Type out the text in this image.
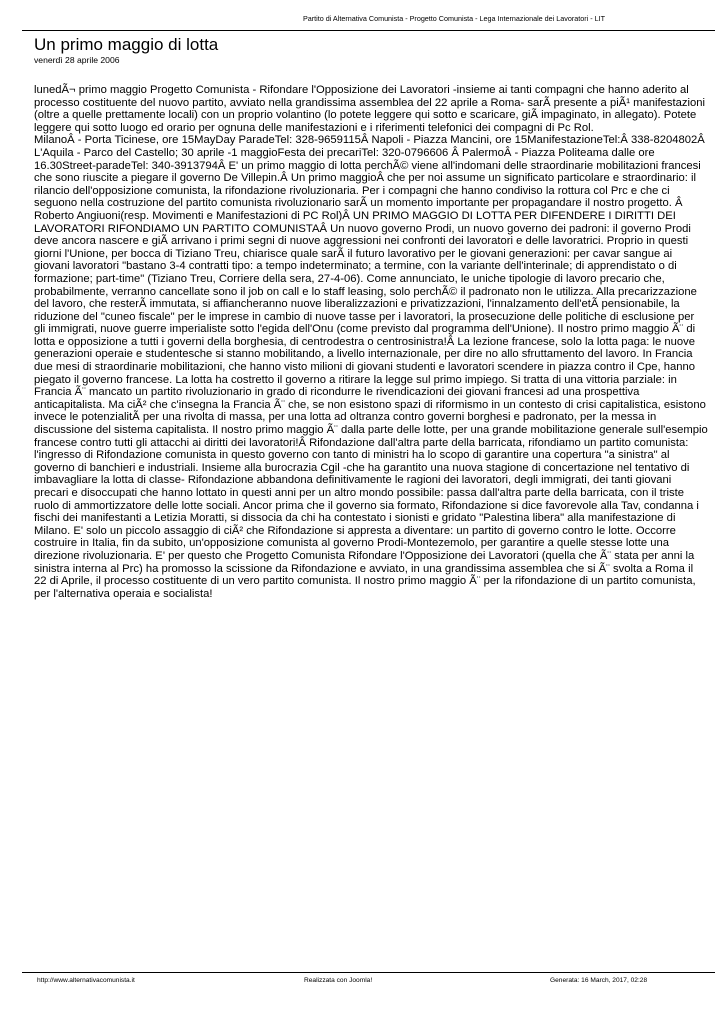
Partito di Alternativa Comunista - Progetto Comunista - Lega Internazionale dei Lavoratori - LIT
Un primo maggio di lotta
venerdì 28 aprile 2006

lunedÃ¬ primo maggio Progetto Comunista - Rifondare l'Opposizione dei Lavoratori -insieme ai tanti compagni che hanno aderito al processo costituente del nuovo partito, avviato nella grandissima assemblea del 22 aprile a Roma- sarÃ presente a piÃ¹ manifestazioni (oltre a quelle prettamente locali) con un proprio volantino (lo potete leggere qui sotto e scaricare, giÃ impaginato, in allegato). Potete leggere qui sotto luogo ed orario per ognuna delle manifestazioni e i riferimenti telefonici dei compagni di Pc Rol.

MilanoÂ - Porta Ticinese, ore 15MayDay ParadeTel: 328-9659115Â Napoli - Piazza Mancini, ore 15ManifestazioneTel:Â 338-8204802Â L'Aquila - Parco del Castello; 30 aprile -1 maggioFesta dei precariTel: 320-0796606 Â PalermoÂ - Piazza Politeama dalle ore 16.30Street-paradeTel: 340-3913794Â E' un primo maggio di lotta perchÃ© viene all'indomani delle straordinarie mobilitazioni francesi che sono riuscite a piegare il governo De Villepin.Â Un primo maggioÂ che per noi assume un significato particolare e straordinario: il rilancio dell'opposizione comunista, la rifondazione rivoluzionaria. Per i compagni che hanno condiviso la rottura col Prc e che ci seguono nella costruzione del partito comunista rivoluzionario sarÃ un momento importante per propagandare il nostro progetto. Â Roberto Angiuoni(resp. Movimenti e Manifestazioni di PC Rol)Â UN PRIMO MAGGIO DI LOTTA PER DIFENDERE I DIRITTI DEI LAVORATORI RIFONDIAMO UN PARTITO COMUNISTAÂ Un nuovo governo Prodi, un nuovo governo dei padroni: il governo Prodi deve ancora nascere e giÃ arrivano i primi segni di nuove aggressioni nei confronti dei lavoratori e delle lavoratrici. Proprio in questi giorni l'Unione, per bocca di Tiziano Treu, chiarisce quale sarÃ il futuro lavorativo per le giovani generazioni: per cavar sangue ai giovani lavoratori "bastano 3-4 contratti tipo: a tempo indeterminato; a termine, con la variante dell'interinale; di apprendistato o di formazione; part-time" (Tiziano Treu, Corriere della sera, 27-4-06). Come annunciato, le uniche tipologie di lavoro precario che, probabilmente, verranno cancellate sono il job on call e lo staff leasing, solo perchÃ© il padronato non le utilizza. Alla precarizzazione del lavoro, che resterÃ immutata, si affiancheranno nuove liberalizzazioni e privatizzazioni, l'innalzamento dell'etÃ pensionabile, la riduzione del "cuneo fiscale" per le imprese in cambio di nuove tasse per i lavoratori, la prosecuzione delle politiche di esclusione per gli immigrati, nuove guerre imperialiste sotto l'egida dell'Onu (come previsto dal programma dell'Unione). Il nostro primo maggio Ã¨ di lotta e opposizione a tutti i governi della borghesia, di centrodestra o centrosinistra!Â La lezione francese, solo la lotta paga: le nuove generazioni operaie e studentesche si stanno mobilitando, a livello internazionale, per dire no allo sfruttamento del lavoro. In Francia due mesi di straordinarie mobilitazioni, che hanno visto milioni di giovani studenti e lavoratori scendere in piazza contro il Cpe, hanno piegato il governo francese. La lotta ha costretto il governo a ritirare la legge sul primo impiego. Si tratta di una vittoria parziale: in Francia Ã¨ mancato un partito rivoluzionario in grado di ricondurre le rivendicazioni dei giovani francesi ad una prospettiva anticapitalista. Ma ciÃ² che c'insegna la Francia Ã¨ che, se non esistono spazi di riformismo in un contesto di crisi capitalistica, esistono invece le potenzialitÃ per una rivolta di massa, per una lotta ad oltranza contro governi borghesi e padronato, per la messa in discussione del sistema capitalista. Il nostro primo maggio Ã¨ dalla parte delle lotte, per una grande mobilitazione generale sull'esempio francese contro tutti gli attacchi ai diritti dei lavoratori!Â Rifondazione dall'altra parte della barricata, rifondiamo un partito comunista: l'ingresso di Rifondazione comunista in questo governo con tanto di ministri ha lo scopo di garantire una copertura "a sinistra" al governo di banchieri e industriali. Insieme alla burocrazia Cgil -che ha garantito una nuova stagione di concertazione nel tentativo di imbavagliare la lotta di classe- Rifondazione abbandona definitivamente le ragioni dei lavoratori, degli immigrati, dei tanti giovani precari e disoccupati che hanno lottato in questi anni per un altro mondo possibile: passa dall'altra parte della barricata, con il triste ruolo di ammortizzatore delle lotte sociali. Ancor prima che il governo sia formato, Rifondazione si dice favorevole alla Tav, condanna i fischi dei manifestanti a Letizia Moratti, si dissocia da chi ha contestato i sionisti e gridato "Palestina libera" alla manifestazione di Milano. E' solo un piccolo assaggio di ciÃ² che Rifondazione si appresta a diventare: un partito di governo contro le lotte. Occorre costruire in Italia, fin da subito, un'opposizione comunista al governo Prodi-Montezemolo, per garantire a quelle stesse lotte una direzione rivoluzionaria. E' per questo che Progetto Comunista Rifondare l'Opposizione dei Lavoratori (quella che Ã¨ stata per anni la sinistra interna al Prc) ha promosso la scissione da Rifondazione e avviato, in una grandissima assemblea che si Ã¨ svolta a Roma il 22 di Aprile, il processo costituente di un vero partito comunista. Il nostro primo maggio Ã¨ per la rifondazione di un partito comunista, per l'alternativa operaia e socialista!

http://www.alternativacomunista.it	Realizzata con Joomla!	Generata: 16 March, 2017, 02:28
